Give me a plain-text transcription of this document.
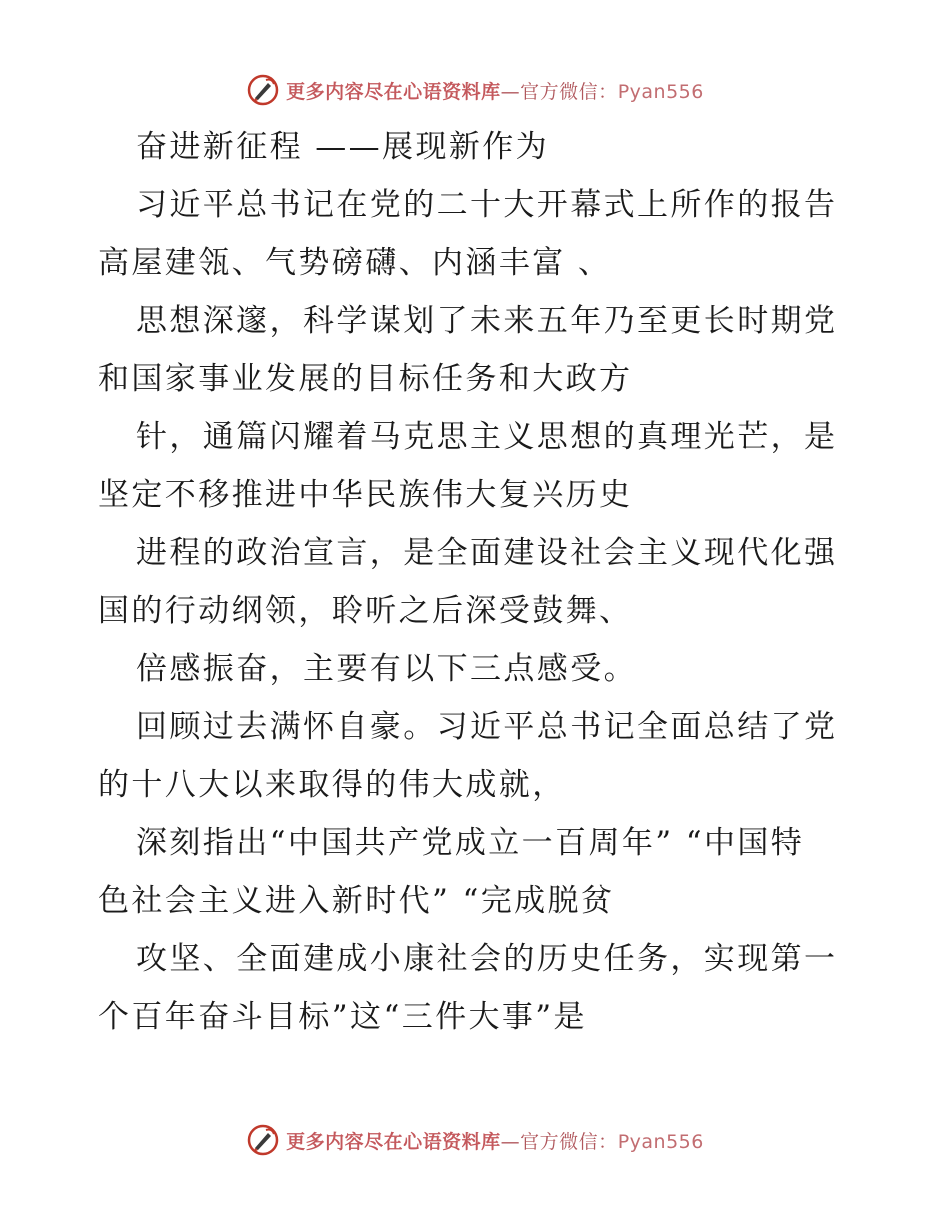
更多内容尽在心语资料库—官方微信：Pyan556
奋进新征程 ——展现新作为
习近平总书记在党的二十大开幕式上所作的报告
高屋建瓴、气势磅礴、内涵丰富 、
思想深邃，科学谋划了未来五年乃至更长时期党
和国家事业发展的目标任务和大政方
针，通篇闪耀着马克思主义思想的真理光芒，是
坚定不移推进中华民族伟大复兴历史
进程的政治宣言，是全面建设社会主义现代化强
国的行动纲领，聆听之后深受鼓舞、
倍感振奋，主要有以下三点感受。
回顾过去满怀自豪。习近平总书记全面总结了党
的十八大以来取得的伟大成就，
深刻指出“中国共产党成立一百周年” “中国特
色社会主义进入新时代” “完成脱贫
攻坚、全面建成小康社会的历史任务，实现第一
个百年奋斗目标”这“三件大事”是
更多内容尽在心语资料库—官方微信：Pyan556
